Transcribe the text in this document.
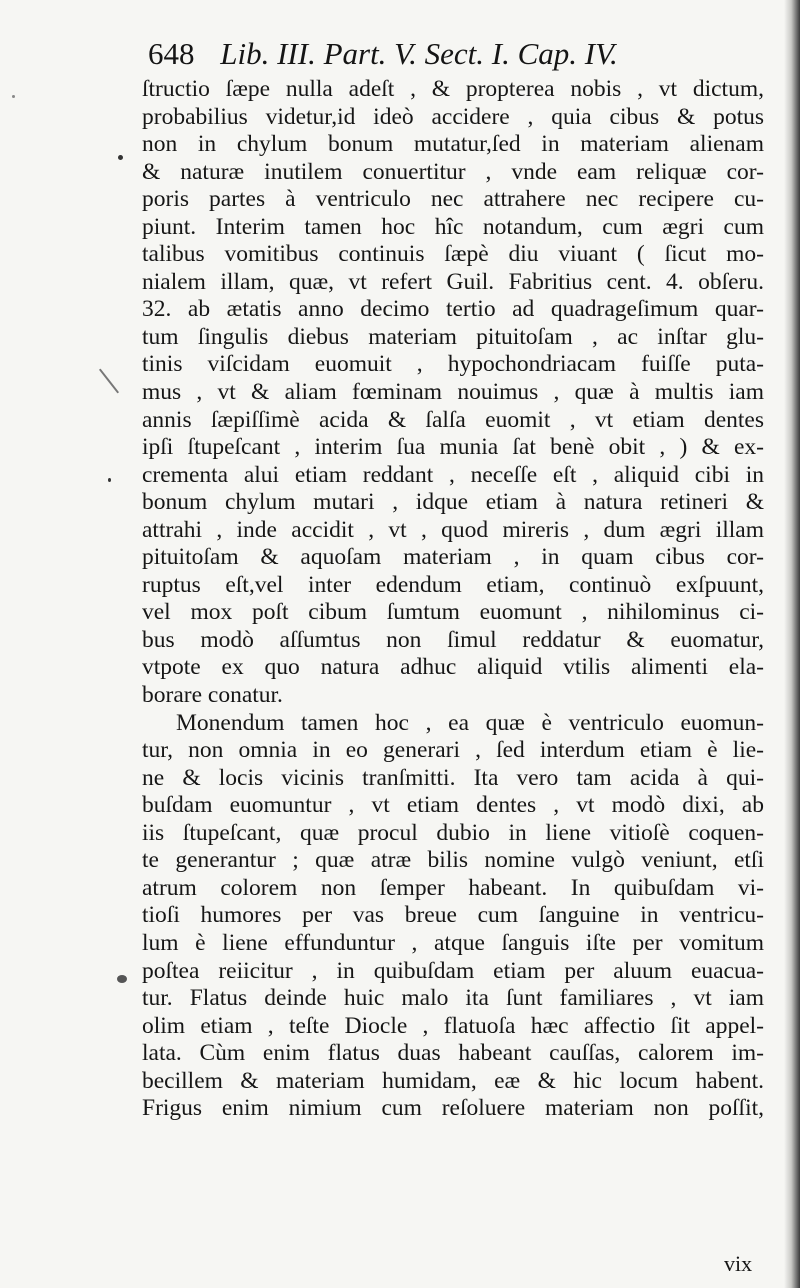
648 Lib. III. Part. V. Sect. I. Cap. IV.
ſtructio ſæpe nulla adeſt , & propterea nobis , vt dictum,
probabilius videtur,id ideò accidere , quia cibus & potus
non in chylum bonum mutatur,ſed in materiam alienam
& naturæ inutilem conuertitur , vnde eam reliquæ cor-
poris partes à ventriculo nec attrahere nec recipere cu-
piunt. Interim tamen hoc hîc notandum, cum ægri cum
talibus vomitibus continuis ſæpè diu viuant ( ſicut mo-
nialem illam, quæ, vt refert Guil. Fabritius cent. 4. obſeru.
32. ab ætatis anno decimo tertio ad quadrageſimum quar-
tum ſingulis diebus materiam pituitoſam , ac inſtar glu-
tinis viſcidam euomuit , hypochondriacam fuiſſe puta-
mus , vt & aliam fœminam nouimus , quæ à multis iam
annis ſæpiſſimè acida & ſalſa euomit , vt etiam dentes
ipſi ſtupeſcant , interim ſua munia ſat benè obit , ) & ex-
crementa alui etiam reddant , neceſſe eſt , aliquid cibi in
bonum chylum mutari , idque etiam à natura retineri &
attrahi , inde accidit , vt , quod mireris , dum ægri illam
pituitoſam & aquoſam materiam , in quam cibus cor-
ruptus eſt,vel inter edendum etiam, continuò exſpuunt,
vel mox poſt cibum ſumtum euomunt , nihilominus ci-
bus modò aſſumtus non ſimul reddatur & euomatur,
vtpote ex quo natura adhuc aliquid vtilis alimenti ela-
borare conatur.
Monendum tamen hoc , ea quæ è ventriculo euomun-
tur, non omnia in eo generari , ſed interdum etiam è lie-
ne & locis vicinis tranſmitti. Ita vero tam acida à qui-
buſdam euomuntur , vt etiam dentes , vt modò dixi, ab
iis ſtupeſcant, quæ procul dubio in liene vitioſè coquen-
te generantur ; quæ atræ bilis nomine vulgò veniunt, etſi
atrum colorem non ſemper habeant. In quibuſdam vi-
tioſi humores per vas breue cum ſanguine in ventricu-
lum è liene effunduntur , atque ſanguis iſte per vomitum
poſtea reiicitur , in quibuſdam etiam per aluum euacua-
tur. Flatus deinde huic malo ita ſunt familiares , vt iam
olim etiam , teſte Diocle , flatuoſa hæc affectio ſit appel-
lata. Cùm enim flatus duas habeant cauſſas, calorem im-
becillem & materiam humidam, eæ & hic locum habent.
Frigus enim nimium cum reſoluere materiam non poſſit,
vix
